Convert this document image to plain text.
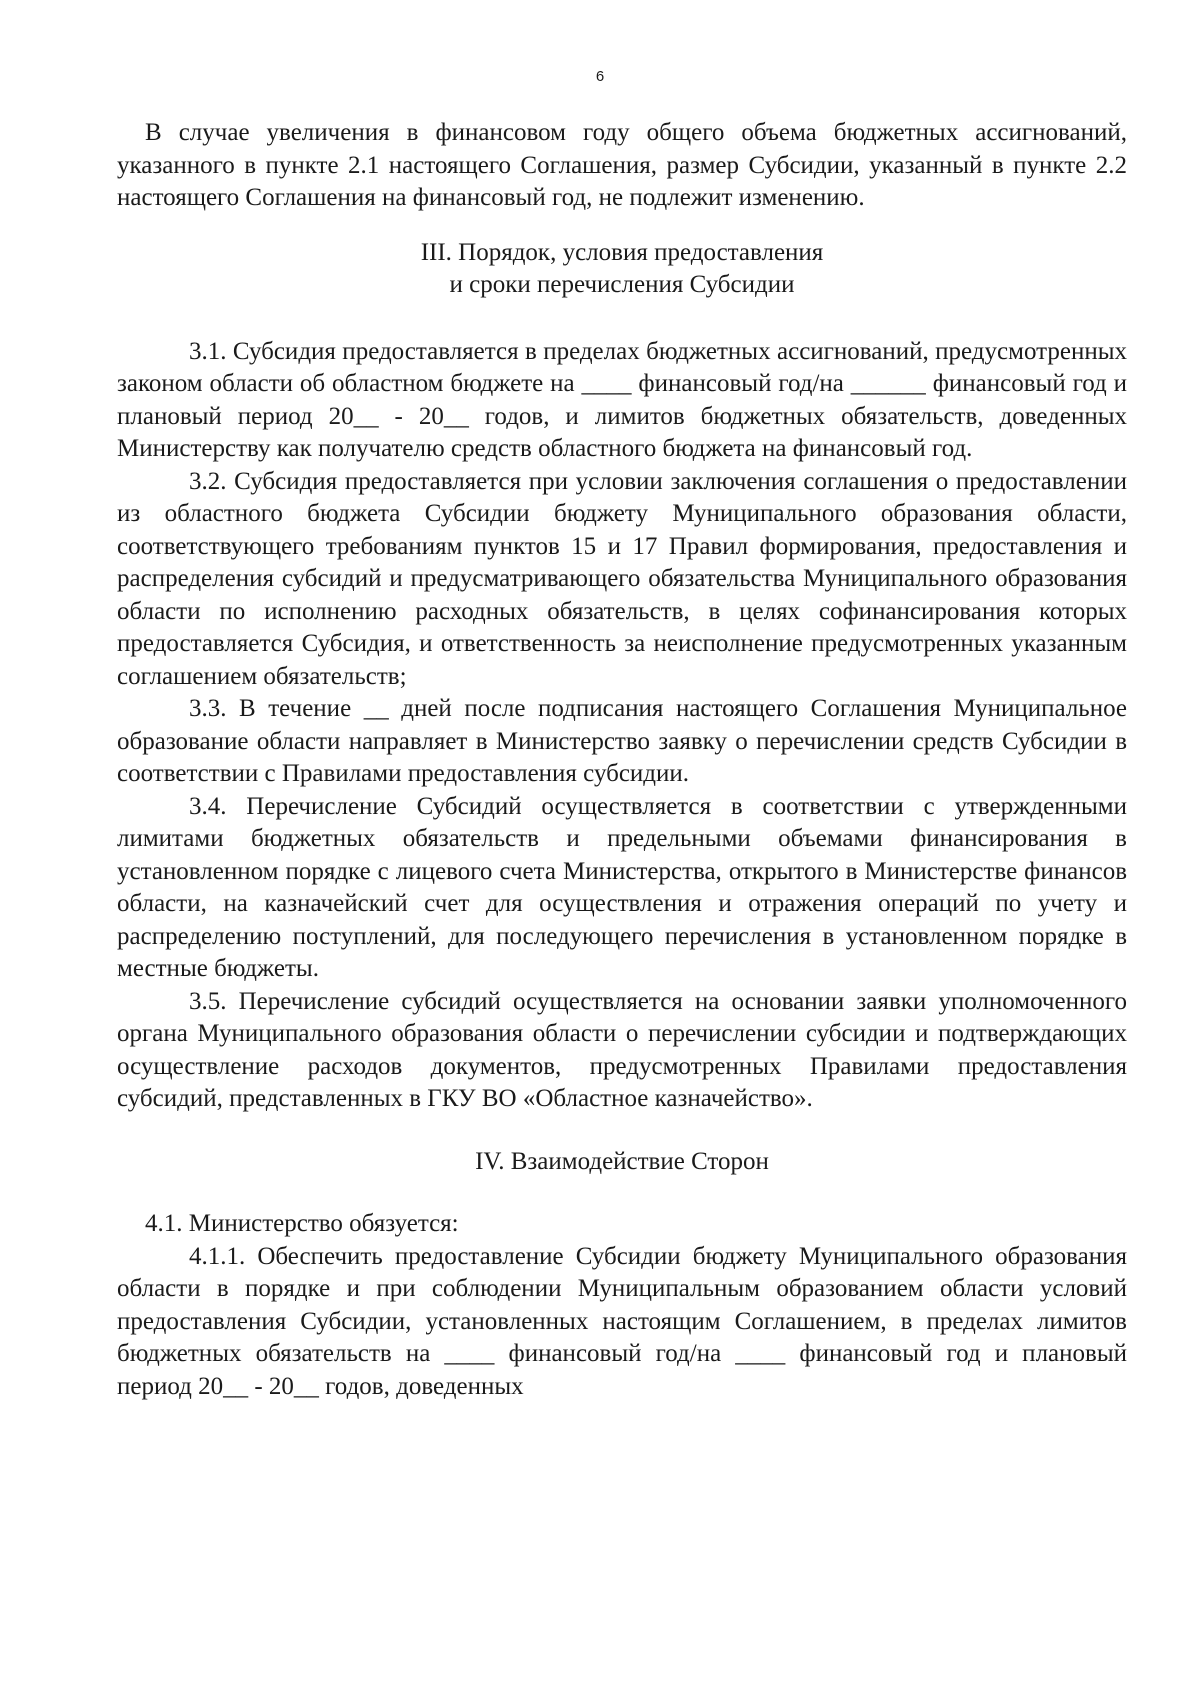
6

В случае увеличения в финансовом году общего объема бюджетных ассигнований, указанного в пункте 2.1 настоящего Соглашения, размер Субсидии, указанный в пункте 2.2 настоящего Соглашения на финансовый год, не подлежит изменению.

III. Порядок, условия предоставления

и сроки перечисления Субсидии

3.1. Субсидия предоставляется в пределах бюджетных ассигнований, предусмотренных законом области об областном бюджете на ____ финансовый год/на ______ финансовый год и плановый период 20__ - 20__ годов, и лимитов бюджетных обязательств, доведенных Министерству как получателю средств областного бюджета на финансовый год.

3.2. Субсидия предоставляется при условии заключения соглашения о предоставлении из областного бюджета Субсидии бюджету Муниципального образования области, соответствующего требованиям пунктов 15 и 17 Правил формирования, предоставления и распределения субсидий и предусматривающего обязательства Муниципального образования области по исполнению расходных обязательств, в целях софинансирования которых предоставляется Субсидия, и ответственность за неисполнение предусмотренных указанным соглашением обязательств;

3.3. В течение __ дней после подписания настоящего Соглашения Муниципальное образование области направляет в Министерство заявку о перечислении средств Субсидии в соответствии с Правилами предоставления субсидии.

3.4. Перечисление Субсидий осуществляется в соответствии с утвержденными лимитами бюджетных обязательств и предельными объемами финансирования в установленном порядке с лицевого счета Министерства, открытого в Министерстве финансов области, на казначейский счет для осуществления и отражения операций по учету и распределению поступлений, для последующего перечисления в установленном порядке в местные бюджеты.

3.5. Перечисление субсидий осуществляется на основании заявки уполномоченного органа Муниципального образования области о перечислении субсидии и подтверждающих осуществление расходов документов, предусмотренных Правилами предоставления субсидий, представленных в ГКУ ВО «Областное казначейство».

IV. Взаимодействие Сторон

4.1. Министерство обязуется:

4.1.1. Обеспечить предоставление Субсидии бюджету Муниципального образования области в порядке и при соблюдении Муниципальным образованием области условий предоставления Субсидии, установленных настоящим Соглашением, в пределах лимитов бюджетных обязательств на ____ финансовый год/на ____ финансовый год и плановый период 20__ - 20__ годов, доведенных
